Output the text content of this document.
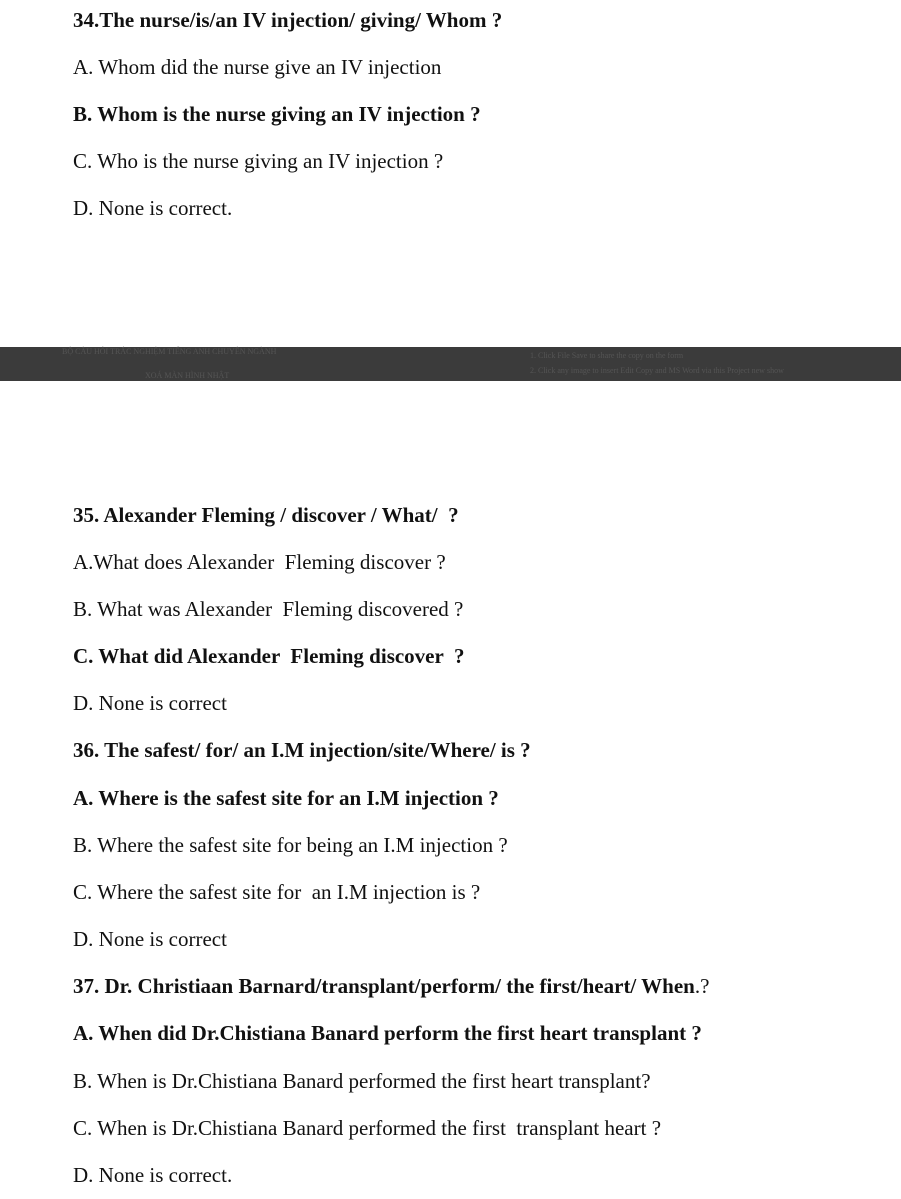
34.The nurse/is/an IV injection/ giving/ Whom ?

A. Whom did the nurse give an IV injection

B. Whom is the nurse giving an IV injection ?

C. Who is the nurse giving an IV injection ?

D. None is correct.

BỘ CÂU HỎI TRẮC NGHIỆM TIẾNG ANH CHUYÊN NGÀNH
XOÁ MÀN HÌNH NHẬT
1. Click File Save to share the copy on the form
2. Click any image to insert Edit Copy and MS Word via this Project new show

35. Alexander Fleming / discover / What/  ?

A.What does Alexander  Fleming discover ?

B. What was Alexander  Fleming discovered ?

C. What did Alexander  Fleming discover  ?

D. None is correct

36. The safest/ for/ an I.M injection/site/Where/ is ?

A. Where is the safest site for an I.M injection ?

B. Where the safest site for being an I.M injection ?

C. Where the safest site for  an I.M injection is ?

D. None is correct

37. Dr. Christiaan Barnard/transplant/perform/ the first/heart/ When.?

A. When did Dr.Chistiana Banard perform the first heart transplant ?

B. When is Dr.Chistiana Banard performed the first heart transplant?

C. When is Dr.Chistiana Banard performed the first  transplant heart ?

D. None is correct.
